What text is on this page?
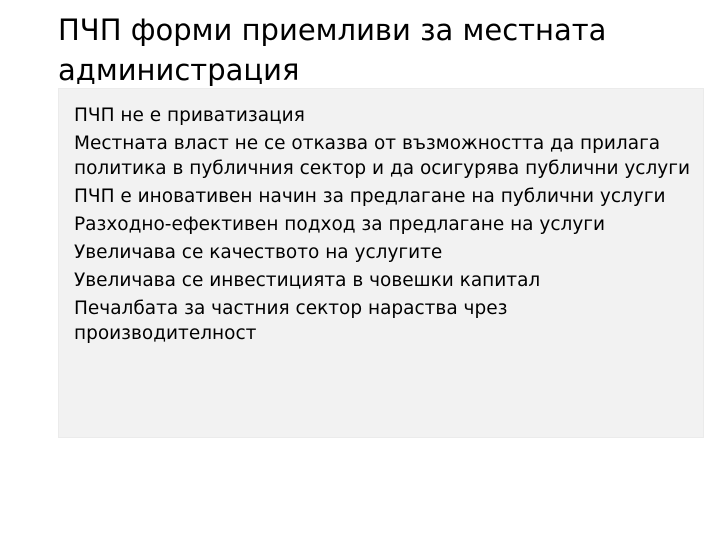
ПЧП форми приемливи за местната администрация
ПЧП не е приватизация
Местната власт не се отказва от възможността да прилага политика в публичния сектор и да осигурява публични услуги
ПЧП е иновативен начин за предлагане на публични услуги
Разходно-ефективен подход за предлагане на услуги
Увеличава се качеството на услугите
Увеличава се инвестицията в човешки капитал
Печалбата за частния сектор нараства чрез производителност
